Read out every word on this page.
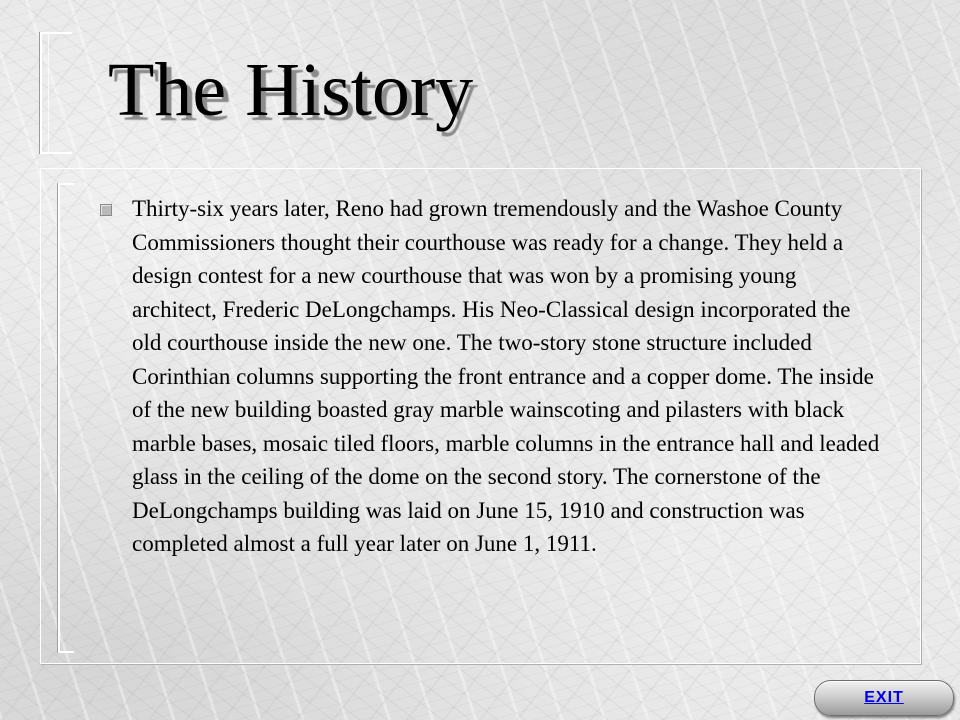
The History

Thirty-six years later, Reno had grown tremendously and the Washoe County Commissioners thought their courthouse was ready for a change. They held a design contest for a new courthouse that was won by a promising young architect, Frederic DeLongchamps. His Neo-Classical design incorporated the old courthouse inside the new one. The two-story stone structure included Corinthian columns supporting the front entrance and a copper dome. The inside of the new building boasted gray marble wainscoting and pilasters with black marble bases, mosaic tiled floors, marble columns in the entrance hall and leaded glass in the ceiling of the dome on the second story. The cornerstone of the DeLongchamps building was laid on June 15, 1910 and construction was completed almost a full year later on June 1, 1911.

EXIT
